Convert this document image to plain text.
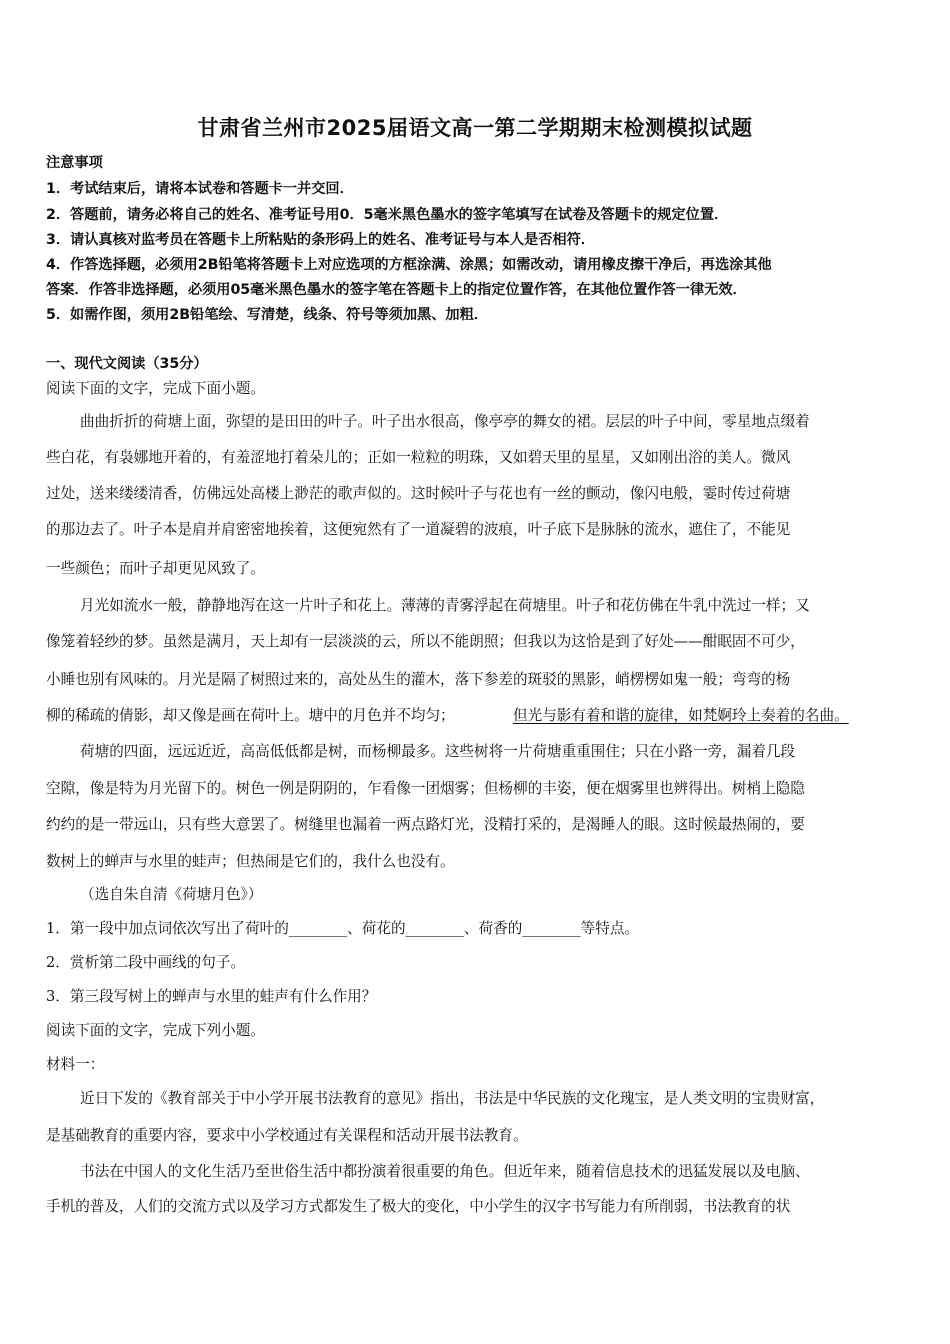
甘肃省兰州市2025届语文高一第二学期期末检测模拟试题
注意事项
1．考试结束后，请将本试卷和答题卡一并交回．
2．答题前，请务必将自己的姓名、准考证号用0．5毫米黑色墨水的签字笔填写在试卷及答题卡的规定位置．
3．请认真核对监考员在答题卡上所粘贴的条形码上的姓名、准考证号与本人是否相符．
4．作答选择题，必须用2B铅笔将答题卡上对应选项的方框涂满、涂黑；如需改动，请用橡皮擦干净后，再选涂其他
答案．作答非选择题，必须用05毫米黑色墨水的签字笔在答题卡上的指定位置作答，在其他位置作答一律无效．
5．如需作图，须用2B铅笔绘、写清楚，线条、符号等须加黑、加粗．
一、现代文阅读（35分）
阅读下面的文字，完成下面小题。
曲曲折折的荷塘上面，弥望的是田田的叶子。叶子出水很高，像亭亭的舞女的裙。层层的叶子中间，零星地点缀着
些白花，有袅娜地开着的，有羞涩地打着朵儿的；正如一粒粒的明珠，又如碧天里的星星，又如刚出浴的美人。微风
过处，送来缕缕清香，仿佛远处高楼上渺茫的歌声似的。这时候叶子与花也有一丝的颤动，像闪电般，霎时传过荷塘
的那边去了。叶子本是肩并肩密密地挨着，这便宛然有了一道凝碧的波痕，叶子底下是脉脉的流水，遮住了，不能见
一些颜色；而叶子却更见风致了。
月光如流水一般，静静地泻在这一片叶子和花上。薄薄的青雾浮起在荷塘里。叶子和花仿佛在牛乳中洗过一样；又
像笼着轻纱的梦。虽然是满月，天上却有一层淡淡的云，所以不能朗照；但我以为这恰是到了好处——酣眠固不可少，
小睡也别有风味的。月光是隔了树照过来的，高处丛生的灌木，落下参差的斑驳的黑影，峭楞楞如鬼一般；弯弯的杨
柳的稀疏的倩影，却又像是画在荷叶上。塘中的月色并不均匀；	但光与影有着和谐的旋律，如梵婀玲上奏着的名曲。
荷塘的四面，远远近近，高高低低都是树，而杨柳最多。这些树将一片荷塘重重围住；只在小路一旁，漏着几段
空隙，像是特为月光留下的。树色一例是阴阴的，乍看像一团烟雾；但杨柳的丰姿，便在烟雾里也辨得出。树梢上隐隐
约约的是一带远山，只有些大意罢了。树缝里也漏着一两点路灯光，没精打采的，是渴睡人的眼。这时候最热闹的，要
数树上的蝉声与水里的蛙声；但热闹是它们的，我什么也没有。
（选自朱自清《荷塘月色》）
1．第一段中加点词依次写出了荷叶的________、荷花的________、荷香的________等特点。
2．赏析第二段中画线的句子。
3．第三段写树上的蝉声与水里的蛙声有什么作用？
阅读下面的文字，完成下列小题。
材料一：
近日下发的《教育部关于中小学开展书法教育的意见》指出，书法是中华民族的文化瑰宝，是人类文明的宝贵财富，
是基础教育的重要内容，要求中小学校通过有关课程和活动开展书法教育。
书法在中国人的文化生活乃至世俗生活中都扮演着很重要的角色。但近年来，随着信息技术的迅猛发展以及电脑、
手机的普及，人们的交流方式以及学习方式都发生了极大的变化，中小学生的汉字书写能力有所削弱，书法教育的状
